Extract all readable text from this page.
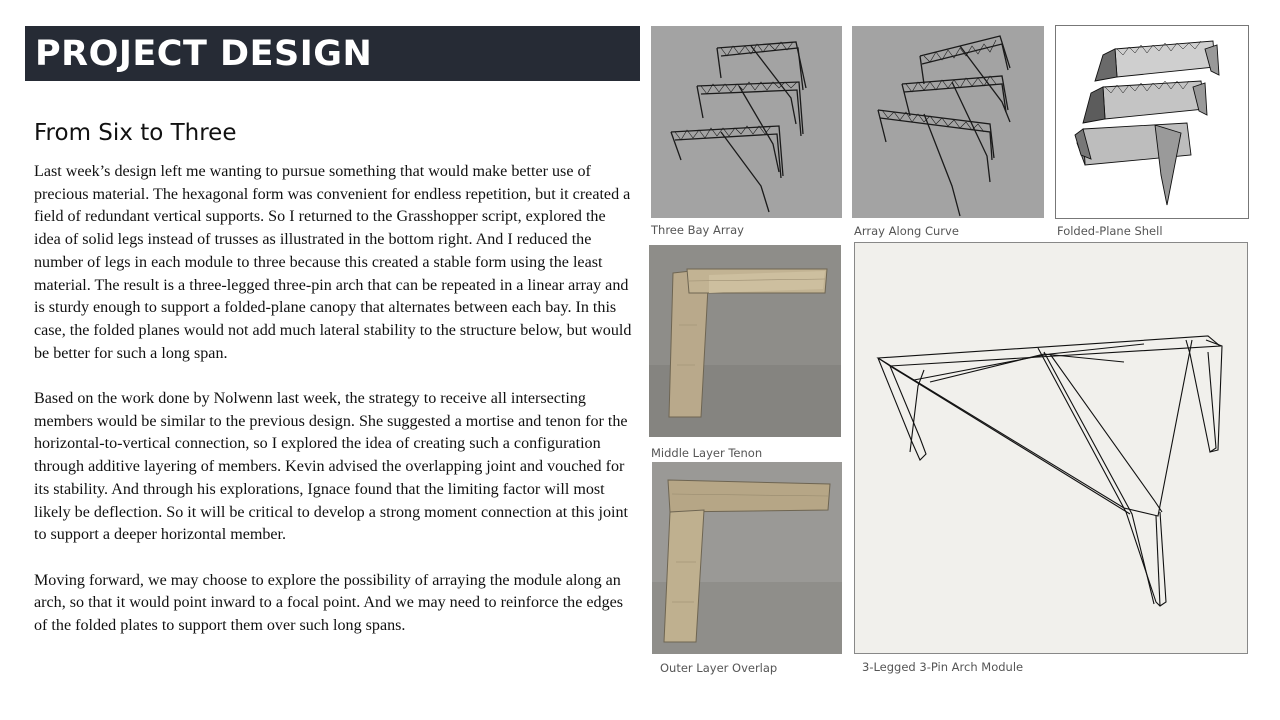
PROJECT DESIGN
From Six to Three

Last week’s design left me wanting to pursue something that would make better use of precious material. The hexagonal form was convenient for endless repetition, but it created a field of redundant vertical supports. So I returned to the Grasshopper script, explored the idea of solid legs instead of trusses as illustrated in the bottom right. And I reduced the number of legs in each module to three because this created a stable form using the least material. The result is a three-legged three-pin arch that can be repeated in a linear array and is sturdy enough to support a folded-plane canopy that alternates between each bay. In this case, the folded planes would not add much lateral stability to the structure below, but would be better for such a long span.

Based on the work done by Nolwenn last week, the strategy to receive all intersecting members would be similar to the previous design. She suggested a mortise and tenon for the horizontal-to-vertical connection, so I explored the idea of creating such a configuration through additive layering of members. Kevin advised the overlapping joint and vouched for its stability. And through his explorations, Ignace found that the limiting factor will most likely be deflection. So it will be critical to develop a strong moment connection at this joint to support a deeper horizontal member.

Moving forward, we may choose to explore the possibility of arraying the module along an arch, so that it would point inward to a focal point. And we may need to reinforce the edges of the folded plates to support them over such long spans.

Three Bay Array	Array Along Curve	Folded-Plane Shell
Middle Layer Tenon
Outer Layer Overlap	3-Legged 3-Pin Arch Module
